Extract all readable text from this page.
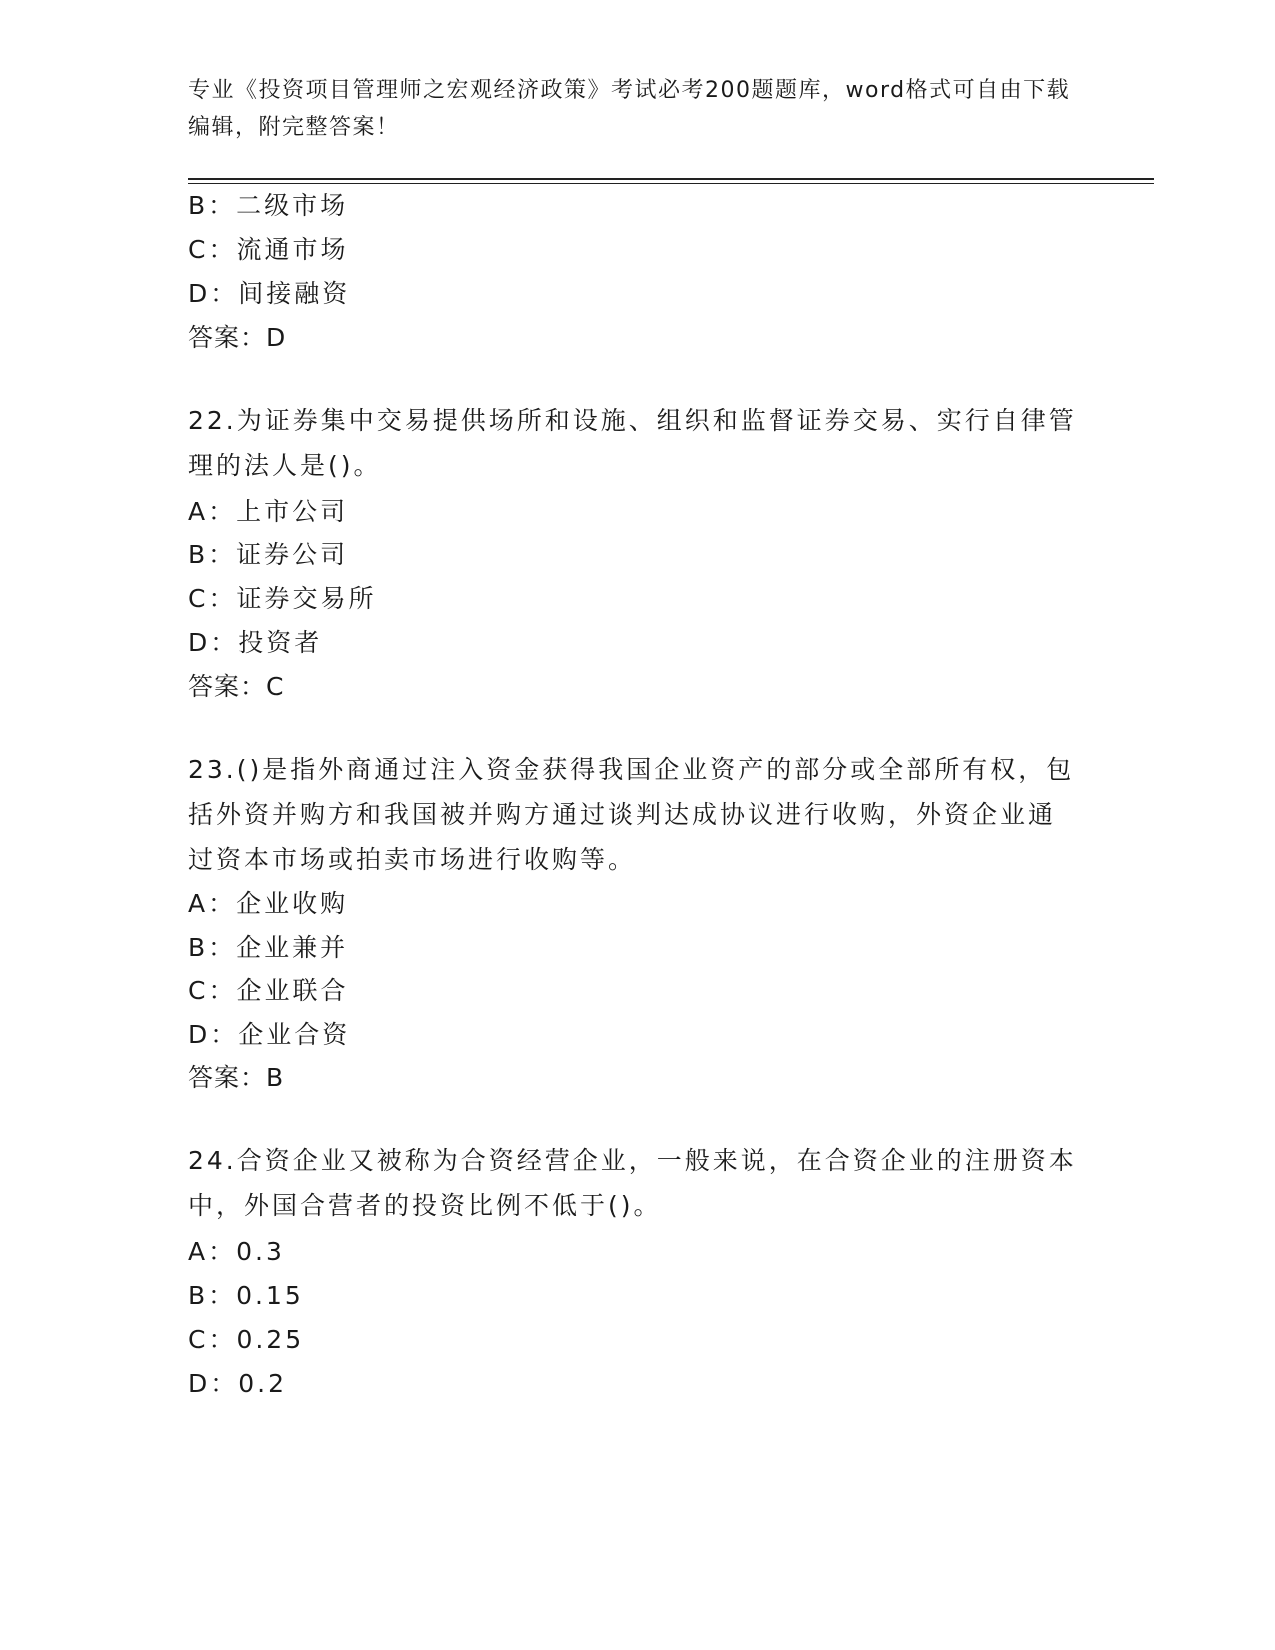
专业《投资项目管理师之宏观经济政策》考试必考200题题库，word格式可自由下载编辑，附完整答案！
B：二级市场
C：流通市场
D：间接融资
答案：D
22.为证券集中交易提供场所和设施、组织和监督证券交易、实行自律管理的法人是()。
A：上市公司
B：证券公司
C：证券交易所
D：投资者
答案：C
23.()是指外商通过注入资金获得我国企业资产的部分或全部所有权，包括外资并购方和我国被并购方通过谈判达成协议进行收购，外资企业通过资本市场或拍卖市场进行收购等。
A：企业收购
B：企业兼并
C：企业联合
D：企业合资
答案：B
24.合资企业又被称为合资经营企业，一般来说，在合资企业的注册资本中，外国合营者的投资比例不低于()。
A：0.3
B：0.15
C：0.25
D：0.2
